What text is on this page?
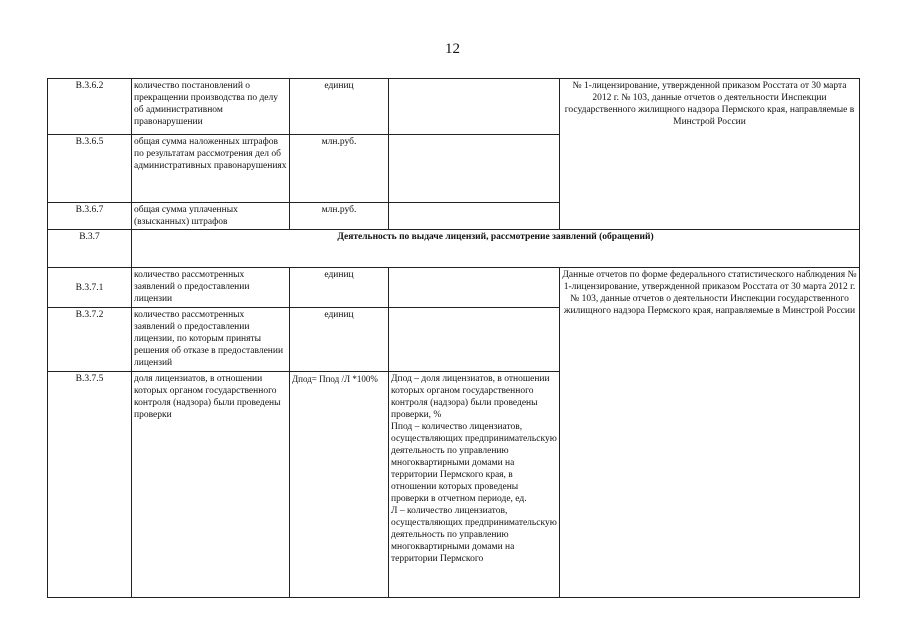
12
В.3.6.2	количество постановлений о прекращении производства по делу об административном правонарушении	единиц		№ 1-лицензирование, утвержденной приказом Росстата от 30 марта 2012 г. № 103, данные отчетов о деятельности Инспекции государственного жилищного надзора Пермского края, направляемые в Минстрой России
В.3.6.5	общая сумма наложенных штрафов по результатам рассмотрения дел об административных правонарушениях	млн.руб.		
В.3.6.7	общая сумма уплаченных (взысканных) штрафов	млн.руб.		
В.3.7	Деятельность по выдаче лицензий, рассмотрение заявлений (обращений)			
В.3.7.1	количество рассмотренных заявлений о предоставлении лицензии	единиц		Данные отчетов по форме федерального статистического наблюдения № 1-лицензирование, утвержденной приказом Росстата от 30 марта 2012 г. № 103, данные отчетов о деятельности Инспекции государственного жилищного надзора Пермского края, направляемые в Минстрой России
В.3.7.2	количество рассмотренных заявлений о предоставлении лицензии, по которым приняты решения об отказе в предоставлении лицензий	единиц		
В.3.7.5	доля лицензиатов, в отношении которых органом государственного контроля (надзора) были проведены проверки	Дпод= Ппод /Л *100%	Дпод – доля лицензиатов, в отношении которых органом государственного контроля (надзора) были проведены проверки, %
Ппод – количество лицензиатов, осуществляющих предпринимательскую деятельность по управлению многоквартирными домами на территории Пермского края, в отношении которых проведены проверки в отчетном периоде, ед.
Л – количество лицензиатов, осуществляющих предпринимательскую деятельность по управлению многоквартирными домами на территории Пермского	
